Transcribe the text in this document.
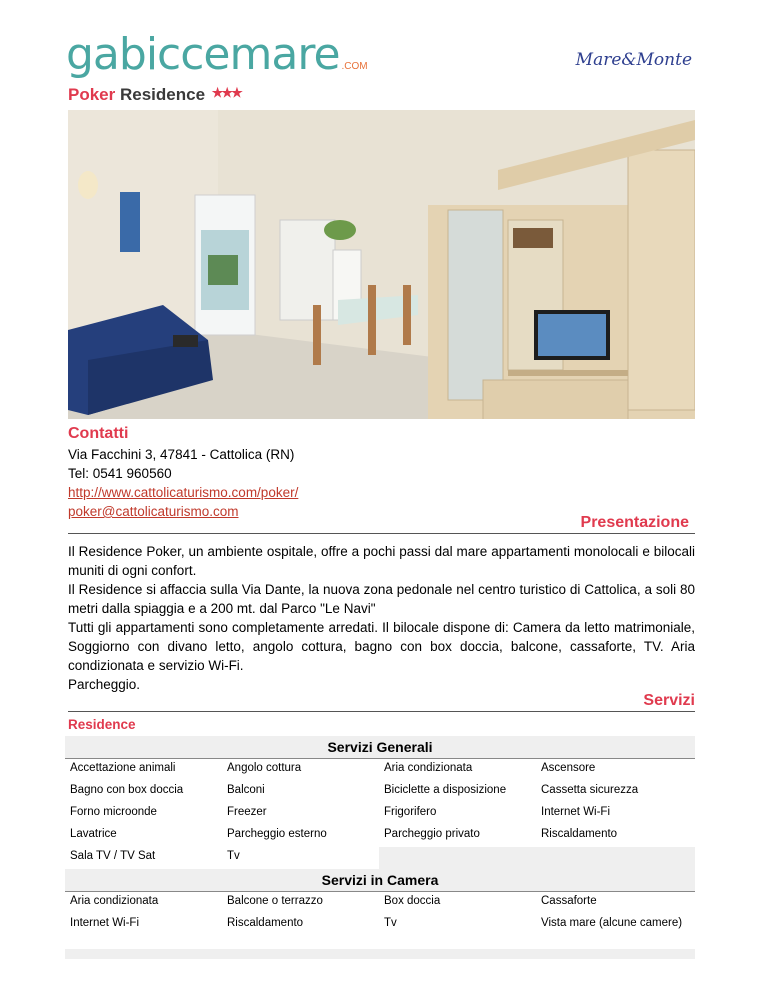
gabiccemare .COM	Mare&Monte
Poker Residence ★★★
Contatti
Via Facchini 3, 47841 - Cattolica (RN)
Tel: 0541 960560
http://www.cattolicaturismo.com/poker/
poker@cattolicaturismo.com
Presentazione

Il Residence Poker, un ambiente ospitale, offre a pochi passi dal mare appartamenti monolocali e bilocali muniti di ogni confort.

Il Residence si affaccia sulla Via Dante, la nuova zona pedonale nel centro turistico di Cattolica, a soli 80 metri dalla spiaggia e a 200 mt. dal Parco "Le Navi"

Tutti gli appartamenti sono completamente arredati. Il bilocale dispone di: Camera da letto matrimoniale, Soggiorno con divano letto, angolo cottura, bagno con box doccia, balcone, cassaforte, TV. Aria condizionata e servizio Wi-Fi.

Parcheggio.

Servizi
Residence
Servizi Generali
Accettazione animali	Angolo cottura	Aria condizionata	Ascensore
Bagno con box doccia	Balconi	Biciclette a disposizione	Cassetta sicurezza
Forno microonde	Freezer	Frigorifero	Internet Wi-Fi
Lavatrice	Parcheggio esterno	Parcheggio privato	Riscaldamento
Sala TV / TV Sat	Tv
Servizi in Camera
Aria condizionata	Balcone o terrazzo	Box doccia	Cassaforte
Internet Wi-Fi	Riscaldamento	Tv	Vista mare (alcune camere)
